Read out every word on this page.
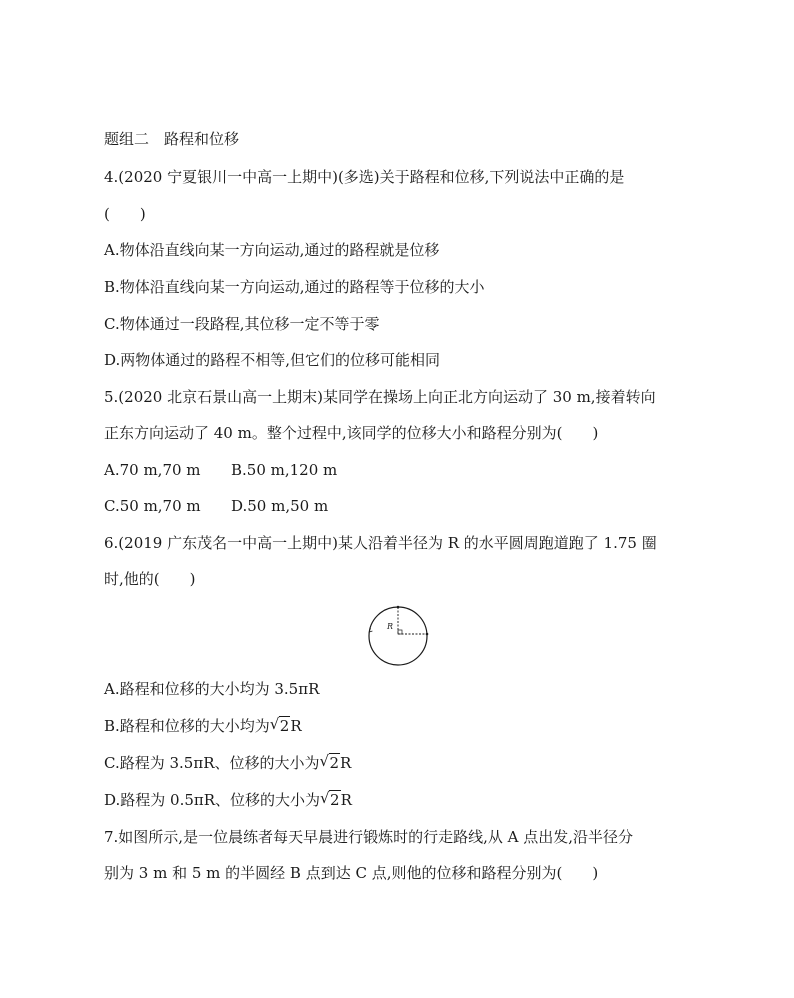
题组二　路程和位移
4.(2020 宁夏银川一中高一上期中)(多选)关于路程和位移,下列说法中正确的是
(　　)
A.物体沿直线向某一方向运动,通过的路程就是位移
B.物体沿直线向某一方向运动,通过的路程等于位移的大小
C.物体通过一段路程,其位移一定不等于零
D.两物体通过的路程不相等,但它们的位移可能相同
5.(2020 北京石景山高一上期末)某同学在操场上向正北方向运动了 30 m,接着转向
正东方向运动了 40 m。整个过程中,该同学的位移大小和路程分别为(　　)
A.70 m,70 m B.50 m,120 m
C.50 m,70 m D.50 m,50 m
6.(2019 广东茂名一中高一上期中)某人沿着半径为 R 的水平圆周跑道跑了 1.75 圈
时,他的(　　)
R
A.路程和位移的大小均为 3.5πR
B.路程和位移的大小均为 √ 2R
C.路程为 3.5πR、位移的大小为 √ 2R
D.路程为 0.5πR、位移的大小为 √ 2R
7.如图所示,是一位晨练者每天早晨进行锻炼时的行走路线,从 A 点出发,沿半径分
别为 3 m 和 5 m 的半圆经 B 点到达 C 点,则他的位移和路程分别为(　　)
